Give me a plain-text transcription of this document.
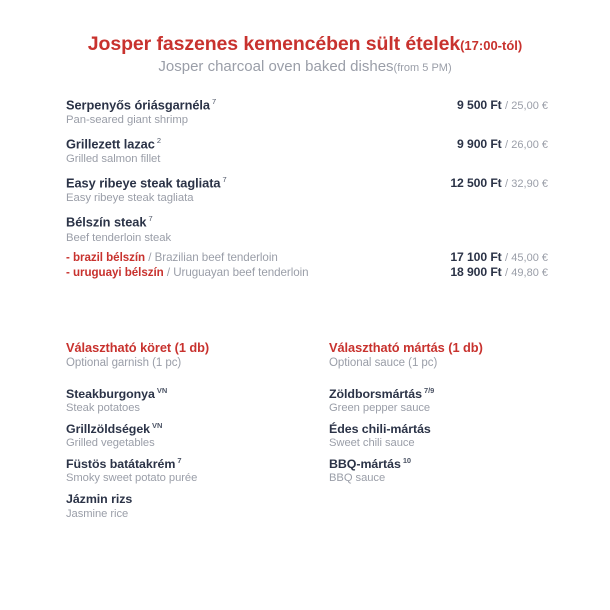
Josper faszenes kemencében sült ételek(17:00-tól)
Josper charcoal oven baked dishes(from 5 PM)
Serpenyős óriásgarnéla $^7$	9 500 Ft / 25,00 €
Pan-seared giant shrimp
Grillezett lazac $^2$	9 900 Ft / 26,00 €
Grilled salmon fillet
Easy ribeye steak tagliata $^7$	12 500 Ft / 32,90 €
Easy ribeye steak tagliata
Bélszín steak $^7$
Beef tenderloin steak
- brazil bélszín / Brazilian beef tenderloin	17 100 Ft / 45,00 €
- uruguayi bélszín / Uruguayan beef tenderloin	18 900 Ft / 49,80 €
Választható köret (1 db)
Optional garnish (1 pc)
Steakburgonya $^{VN}$
Steak potatoes
Grillzöldségek $^{VN}$
Grilled vegetables
Füstös batátakrém $^7$
Smoky sweet potato purée
Jázmin rizs
Jasmine rice
Választható mártás (1 db)
Optional sauce (1 pc)
Zöldborsmártás $^{7/9}$
Green pepper sauce
Édes chili-mártás
Sweet chili sauce
BBQ-mártás $^{10}$
BBQ sauce
